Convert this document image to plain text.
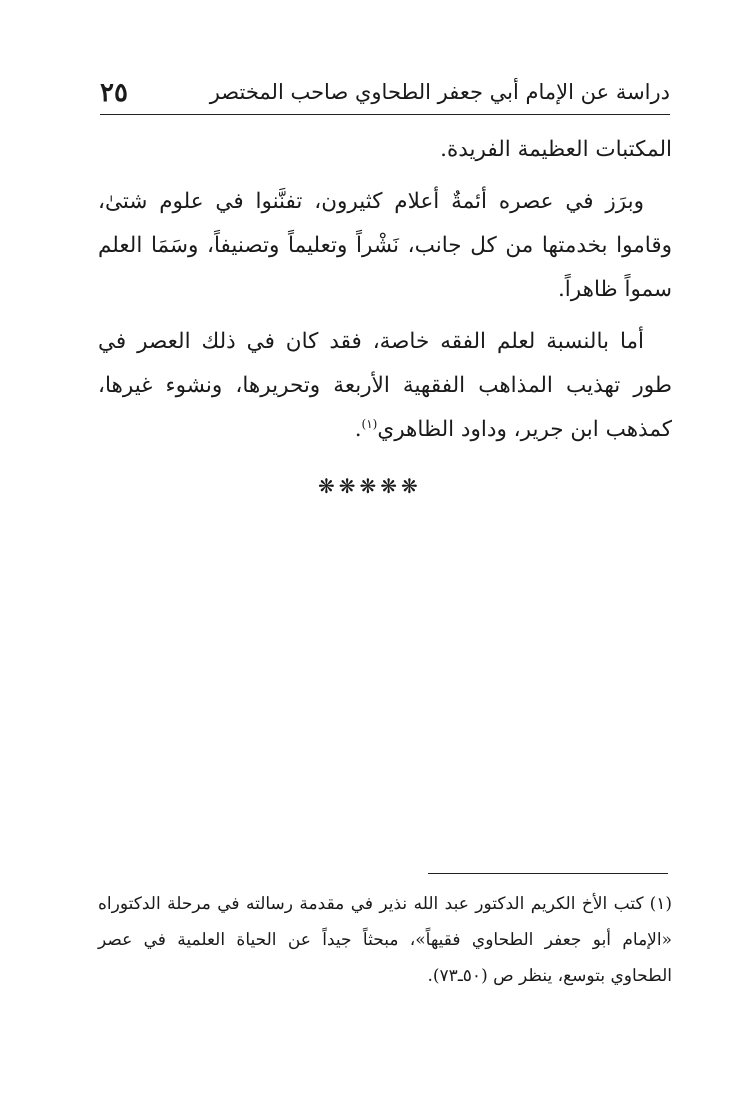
دراسة عن الإمام أبي جعفر الطحاوي صاحب المختصر
٢٥

المكتبات العظيمة الفريدة.

وبرَز في عصره أئمةٌ أعلام كثيرون، تفنَّنوا في علوم شتىٰ، وقاموا بخدمتها من كل جانب، نَشْراً وتعليماً وتصنيفاً، وسَمَا العلم سمواً ظاهراً.

أما بالنسبة لعلم الفقه خاصة، فقد كان في ذلك العصر في طور تهذيب المذاهب الفقهية الأربعة وتحريرها، ونشوء غيرها، كمذهب ابن جرير، وداود الظاهري$^{(١)}$.

❋❋❋❋❋

(١)كتب الأخ الكريم الدكتور عبد الله نذير في مقدمة رسالته في مرحلة الدكتوراه «الإمام أبو جعفر الطحاوي فقيهاً»، مبحثاً جيداً عن الحياة العلمية في عصر الطحاوي بتوسع، ينظر ص (٥٠ـ٧٣).
